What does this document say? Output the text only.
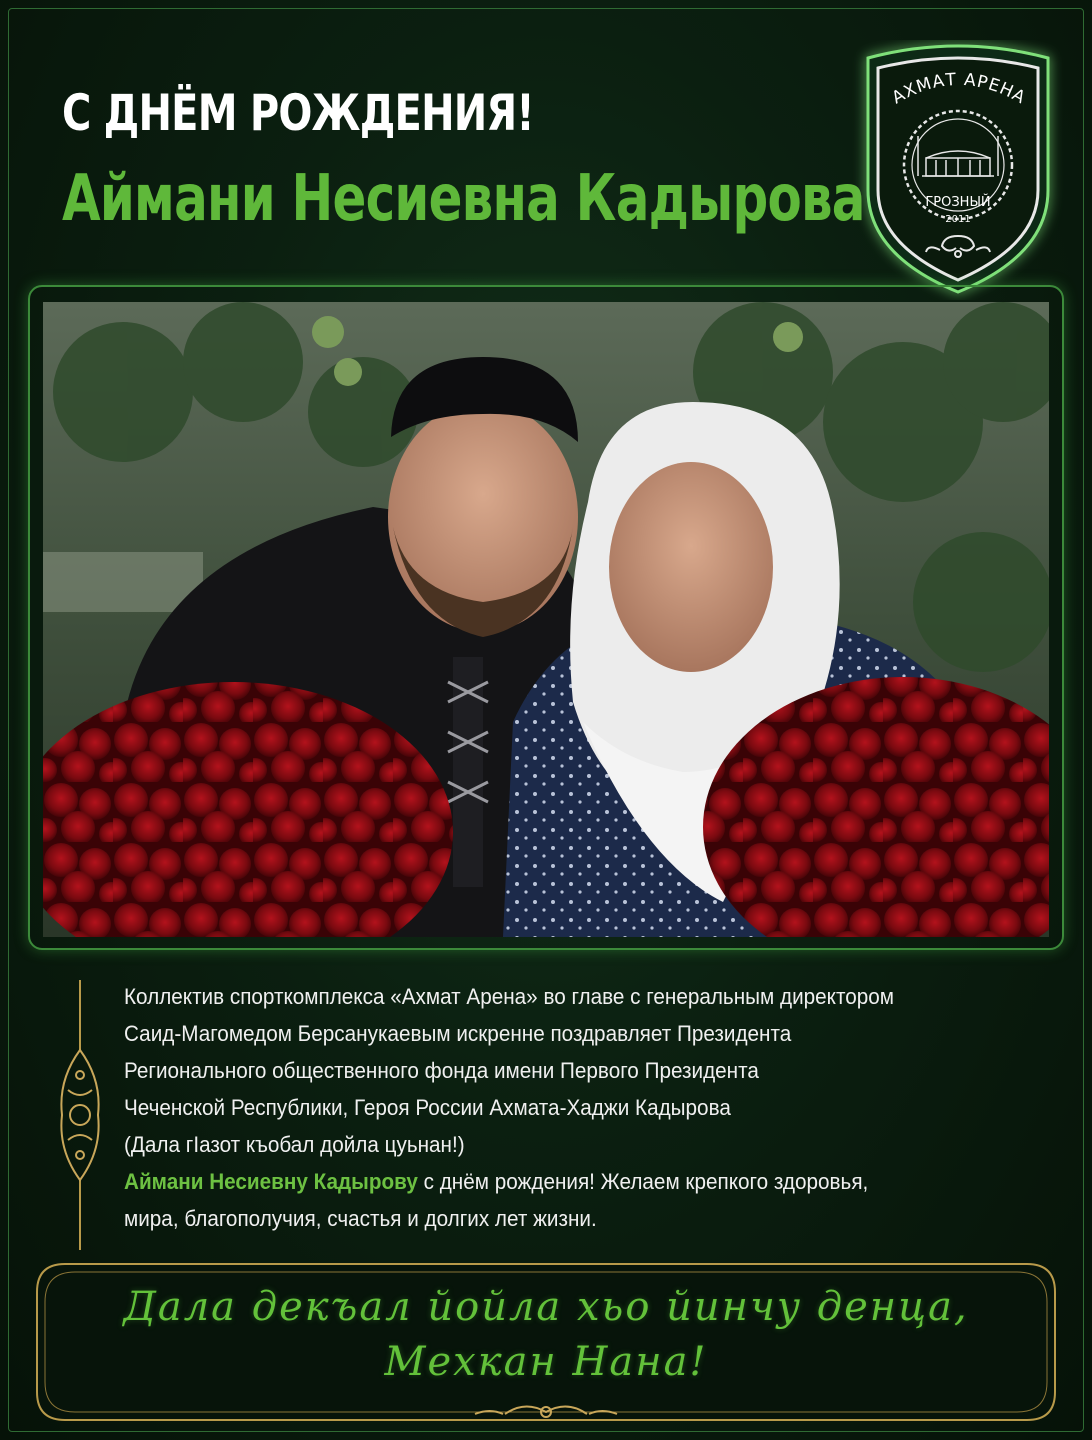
С ДНЁМ РОЖДЕНИЯ!
Аймани Несиевна Кадырова
АХМАТ АРЕНА
ГРОЗНЫЙ
2011

Коллектив спорткомплекса «Ахмат Арена» во главе с генеральным директором

Саид-Магомедом Берсанукаевым искренне поздравляет Президента

Регионального общественного фонда имени Первого Президента

Чеченской Республики, Героя России Ахмата-Хаджи Кадырова

(Дала гIазот къобал дойла цуьнан!)

Аймани Несиевну Кадырову с днём рождения! Желаем крепкого здоровья,

мира, благополучия, счастья и долгих лет жизни.

Дала декъал йойла хьо йинчу денца,
Мехкан Нана!
